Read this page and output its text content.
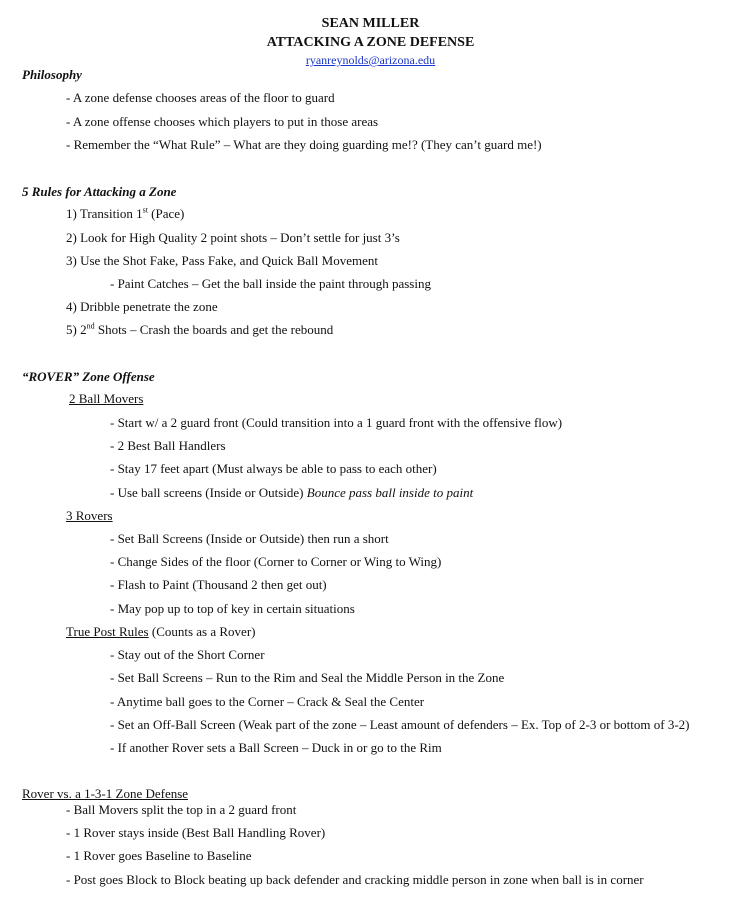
SEAN MILLER
ATTACKING A ZONE DEFENSE
ryanreynolds@arizona.edu
Philosophy
- A zone defense chooses areas of the floor to guard
- A zone offense chooses which players to put in those areas
- Remember the “What Rule” – What are they doing guarding me!? (They can’t guard me!)
5 Rules for Attacking a Zone
1) Transition 1st (Pace)
2) Look for High Quality 2 point shots – Don’t settle for just 3’s
3) Use the Shot Fake, Pass Fake, and Quick Ball Movement
- Paint Catches – Get the ball inside the paint through passing
4) Dribble penetrate the zone
5) 2nd Shots – Crash the boards and get the rebound
“ROVER” Zone Offense
2 Ball Movers
- Start w/ a 2 guard front (Could transition into a 1 guard front with the offensive flow)
- 2 Best Ball Handlers
- Stay 17 feet apart (Must always be able to pass to each other)
- Use ball screens (Inside or Outside) Bounce pass ball inside to paint
3 Rovers
- Set Ball Screens (Inside or Outside) then run a short
- Change Sides of the floor (Corner to Corner or Wing to Wing)
- Flash to Paint (Thousand 2 then get out)
- May pop up to top of key in certain situations
True Post Rules (Counts as a Rover)
- Stay out of the Short Corner
- Set Ball Screens – Run to the Rim and Seal the Middle Person in the Zone
- Anytime ball goes to the Corner – Crack & Seal the Center
- Set an Off-Ball Screen (Weak part of the zone – Least amount of defenders – Ex. Top of 2-3 or bottom of 3-2)
- If another Rover sets a Ball Screen – Duck in or go to the Rim
Rover vs. a 1-3-1 Zone Defense
- Ball Movers split the top in a 2 guard front
- 1 Rover stays inside (Best Ball Handling Rover)
- 1 Rover goes Baseline to Baseline
- Post goes Block to Block beating up back defender and cracking middle person in zone when ball is in corner
